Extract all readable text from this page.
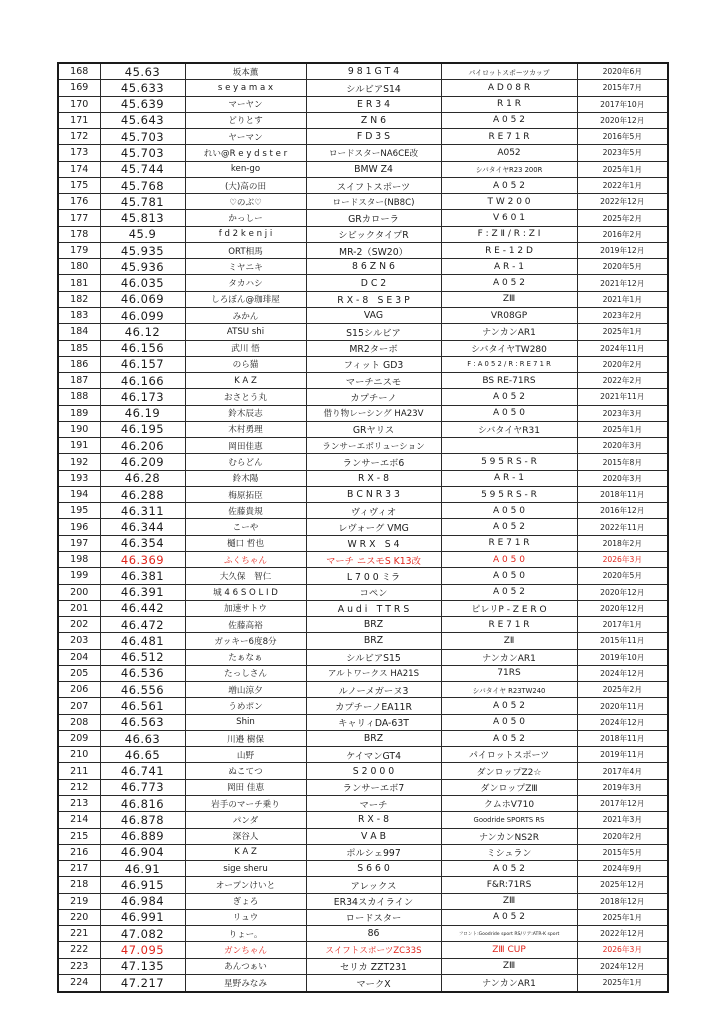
168	45.63	坂本薫	9 8 1 G T 4	パイロットスポーツカップ	2020年6月
169	45.633	s e y a m a x	シルビアS14	A D 0 8 R	2015年7月
170	45.639	マーヤン	E R 3 4	R 1 R	2017年10月
171	45.643	どりとす	Z N 6	A 0 5 2	2020年12月
172	45.703	ヤーマン	F D 3 S	R E 7 1 R	2016年5月
173	45.703	れい@R e y d s t e r	ロードスターNA6CE改	A052	2023年5月
174	45.744	ken-go	BMW Z4	シバタイヤR23 200R	2025年1月
175	45.768	(大)高の田	スイフトスポーツ	A 0 5 2	2022年1月
176	45.781	♡のぶ♡	ロードスター(NB8C)	T W 2 0 0	2022年12月
177	45.813	かっしー	GRカローラ	V 6 0 1	2025年2月
178	45.9	f d 2 k e n j i	シビックタイプR	F : Z Ⅱ / R : Z I	2016年2月
179	45.935	ORT相馬	MR-2（SW20）	R E - 1 2 D	2019年12月
180	45.936	ミヤニキ	8 6 Z N 6	A R - 1	2020年5月
181	46.035	タカハシ	D C 2	A 0 5 2	2021年12月
182	46.069	しろぼん@珈琲屋	R X - 8　S E 3 P	ZⅢ	2021年1月
183	46.099	みかん	VAG	VR08GP	2023年2月
184	46.12	ATSU shi	S15シルビア	ナンカンAR1	2025年1月
185	46.156	武川 悟	MR2ターボ	シバタイヤTW280	2024年11月
186	46.157	のら猫	フィット GD3	F : A 0 5 2 / R : R E 7 1 R	2020年2月
187	46.166	K A Z	マーチニスモ	BS RE-71RS	2022年2月
188	46.173	おさとう丸	カプチーノ	A 0 5 2	2021年11月
189	46.19	鈴木辰志	借り物レーシング HA23V	A 0 5 0	2023年3月
190	46.195	木村勇理	GRヤリス	シバタイヤR31	2025年1月
191	46.206	岡田佳恵	ランサーエボリューション		2020年3月
192	46.209	むらどん	ランサーエボ6	5 9 5 R S - R	2015年8月
193	46.28	鈴木陽	R X - 8	A R - 1	2020年3月
194	46.288	梅原拓臣	B C N R 3 3	5 9 5 R S - R	2018年11月
195	46.311	佐藤貴規	ヴィヴィオ	A 0 5 0	2016年12月
196	46.344	こーや	レヴォーグ VMG	A 0 5 2	2022年11月
197	46.354	樋口 哲也	W R X　S 4	R E 7 1 R	2018年2月
198	46.369	ふくちゃん	マーチ ニスモS K13改	A 0 5 0	2026年3月
199	46.381	大久保　智仁	L 7 0 0 ミラ	A 0 5 0	2020年5月
200	46.391	城 4 6 S O L I D	コペン	A 0 5 2	2020年12月
201	46.442	加速サトウ	A u d i　T T R S	ピレリP - Z E R O	2020年12月
202	46.472	佐藤高裕	BRZ	R E 7 1 R	2017年1月
203	46.481	ガッキー6度8分	BRZ	ZⅡ	2015年11月
204	46.512	たぁなぁ	シルビアS15	ナンカンAR1	2019年10月
205	46.536	たっしさん	アルトワークス HA21S	71RS	2024年12月
206	46.556	増山涼夕	ルノーメガーヌ3	シバタイヤ R23TW240	2025年2月
207	46.561	うめポン	カプチーノEA11R	A 0 5 2	2020年11月
208	46.563	Shin	キャリィDA-63T	A 0 5 0	2024年12月
209	46.63	川邉 樹保	BRZ	A 0 5 2	2018年11月
210	46.65	山野	ケイマンGT4	パイロットスポーツ	2019年11月
211	46.741	ぬこてつ	S 2 0 0 0	ダンロップZ2☆	2017年4月
212	46.773	岡田 佳恵	ランサーエボ7	ダンロップZⅢ	2019年3月
213	46.816	岩手のマーチ乗り	マーチ	クムホV710	2017年12月
214	46.878	パンダ	R X - 8	Goodride SPORTS RS	2021年3月
215	46.889	深谷人	V A B	ナンカンNS2R	2020年2月
216	46.904	K A Z	ポルシェ997	ミシュラン	2015年5月
217	46.91	sige sheru	S 6 6 0	A 0 5 2	2024年9月
218	46.915	オープンけいと	アレックス	F&R:71RS	2025年12月
219	46.984	ぎょろ	ER34スカイライン	ZⅢ	2018年12月
220	46.991	リュウ	ロードスター	A 0 5 2	2025年1月
221	47.082	りょー。	86	フロント:Goodride sport RS/リア:ATR-K sport	2022年12月
222	47.095	ガンちゃん	スイフトスポーツZC33S	ZⅢ CUP	2026年3月
223	47.135	あんつぁい	セリカ ZZT231	ZⅢ	2024年12月
224	47.217	星野みなみ	マークX	ナンカンAR1	2025年1月
